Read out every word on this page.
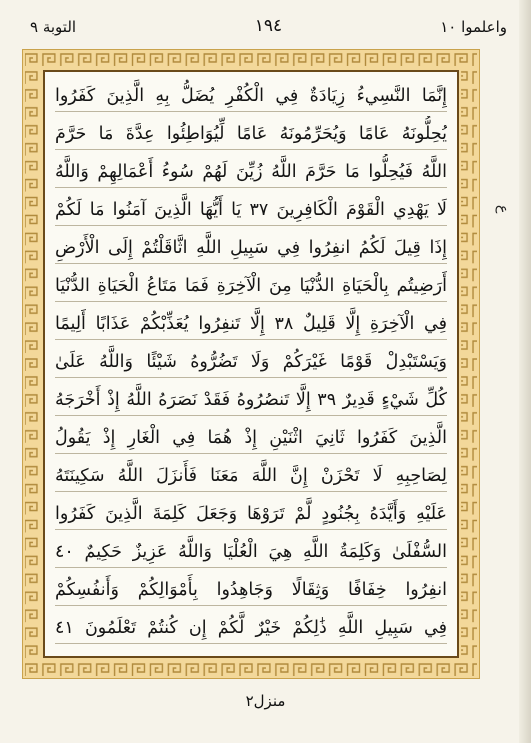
التوبة ٩	١٩٤	واعلموا ١٠
إِنَّمَا النَّسِيءُ زِيَادَةٌ فِي الْكُفْرِ يُضَلُّ بِهِ الَّذِينَ كَفَرُوا
يُحِلُّونَهُ عَامًا وَيُحَرِّمُونَهُ عَامًا لِّيُوَاطِئُوا عِدَّةَ مَا حَرَّمَ
اللَّهُ فَيُحِلُّوا مَا حَرَّمَ اللَّهُ زُيِّنَ لَهُمْ سُوءُ أَعْمَالِهِمْ وَاللَّهُ
لَا يَهْدِي الْقَوْمَ الْكَافِرِينَ ٣٧ يَا أَيُّهَا الَّذِينَ آمَنُوا مَا لَكُمْ
إِذَا قِيلَ لَكُمُ انفِرُوا فِي سَبِيلِ اللَّهِ اثَّاقَلْتُمْ إِلَى الْأَرْضِ
أَرَضِيتُم بِالْحَيَاةِ الدُّنْيَا مِنَ الْآخِرَةِ فَمَا مَتَاعُ الْحَيَاةِ الدُّنْيَا
فِي الْآخِرَةِ إِلَّا قَلِيلٌ ٣٨ إِلَّا تَنفِرُوا يُعَذِّبْكُمْ عَذَابًا أَلِيمًا
وَيَسْتَبْدِلْ قَوْمًا غَيْرَكُمْ وَلَا تَضُرُّوهُ شَيْئًا وَاللَّهُ عَلَىٰ
كُلِّ شَيْءٍ قَدِيرٌ ٣٩ إِلَّا تَنصُرُوهُ فَقَدْ نَصَرَهُ اللَّهُ إِذْ أَخْرَجَهُ
الَّذِينَ كَفَرُوا ثَانِيَ اثْنَيْنِ إِذْ هُمَا فِي الْغَارِ إِذْ يَقُولُ
لِصَاحِبِهِ لَا تَحْزَنْ إِنَّ اللَّهَ مَعَنَا فَأَنزَلَ اللَّهُ سَكِينَتَهُ
عَلَيْهِ وَأَيَّدَهُ بِجُنُودٍ لَّمْ تَرَوْهَا وَجَعَلَ كَلِمَةَ الَّذِينَ كَفَرُوا
السُّفْلَىٰ وَكَلِمَةُ اللَّهِ هِيَ الْعُلْيَا وَاللَّهُ عَزِيزٌ حَكِيمٌ ٤٠
انفِرُوا خِفَافًا وَثِقَالًا وَجَاهِدُوا بِأَمْوَالِكُمْ وَأَنفُسِكُمْ
فِي سَبِيلِ اللَّهِ ذَٰلِكُمْ خَيْرٌ لَّكُمْ إِن كُنتُمْ تَعْلَمُونَ ٤١
ع
منزل٢
